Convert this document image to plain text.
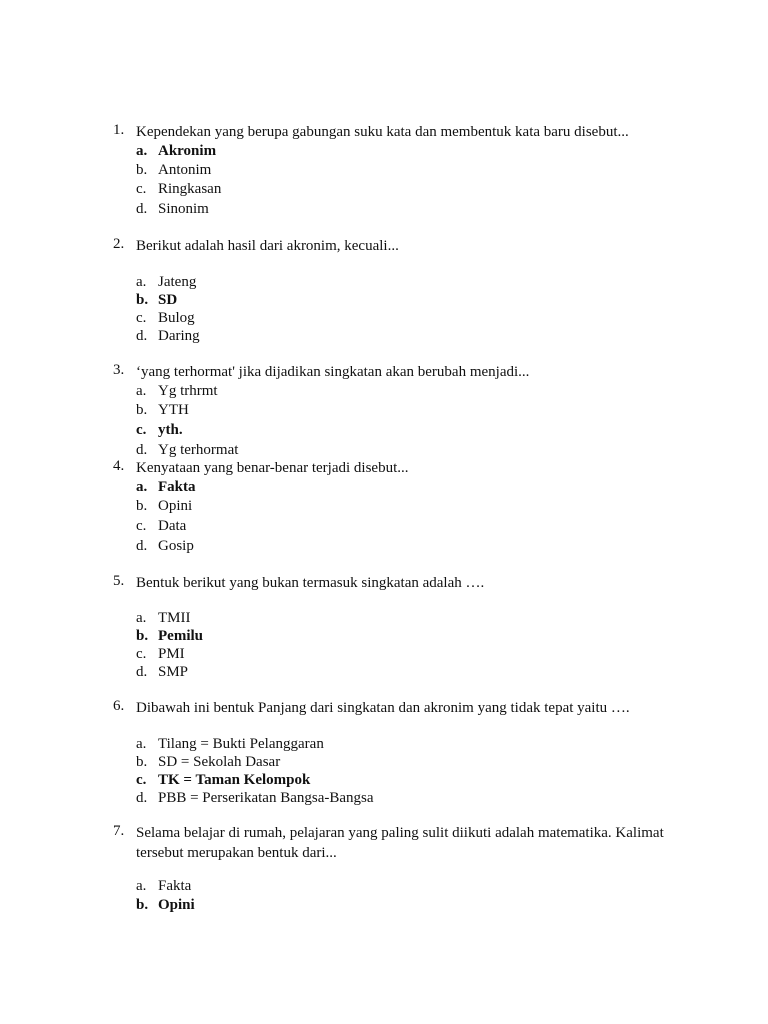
1. Kependekan yang berupa gabungan suku kata dan membentuk kata baru disebut...
a. Akronim
b. Antonim
c. Ringkasan
d. Sinonim
2. Berikut adalah hasil dari akronim, kecuali...
a. Jateng
b. SD
c. Bulog
d. Daring
3. ‘yang terhormat' jika dijadikan singkatan akan berubah menjadi...
a. Yg trhrmt
b. YTH
c. yth.
d. Yg terhormat
4. Kenyataan yang benar-benar terjadi disebut...
a. Fakta
b. Opini
c. Data
d. Gosip
5. Bentuk berikut yang bukan termasuk singkatan adalah ….
a. TMII
b. Pemilu
c. PMI
d. SMP
6. Dibawah ini bentuk Panjang dari singkatan dan akronim yang tidak tepat yaitu ….
a. Tilang = Bukti Pelanggaran
b. SD = Sekolah Dasar
c. TK = Taman Kelompok
d. PBB = Perserikatan Bangsa-Bangsa
7. Selama belajar di rumah, pelajaran yang paling sulit diikuti adalah matematika. Kalimat tersebut merupakan bentuk dari...
a. Fakta
b. Opini
